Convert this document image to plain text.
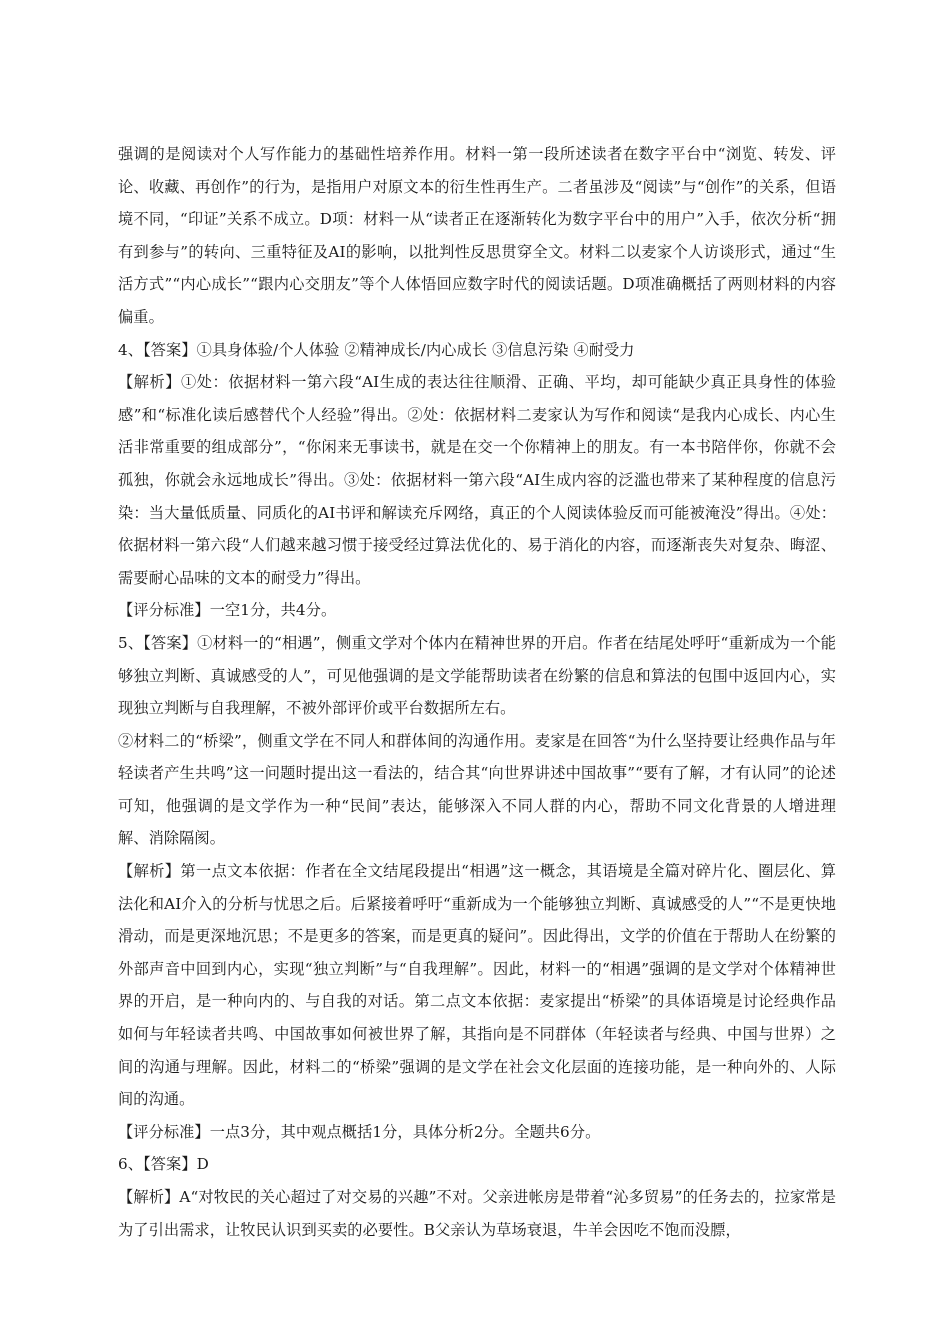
强调的是阅读对个人写作能力的基础性培养作用。材料一第一段所述读者在数字平台中“浏览、转发、评论、收藏、再创作”的行为，是指用户对原文本的衍生性再生产。二者虽涉及“阅读”与“创作”的关系，但语境不同，“印证”关系不成立。D项：材料一从“读者正在逐渐转化为数字平台中的用户”入手，依次分析“拥有到参与”的转向、三重特征及AI的影响，以批判性反思贯穿全文。材料二以麦家个人访谈形式，通过“生活方式”“内心成长”“跟内心交朋友”等个人体悟回应数字时代的阅读话题。D项准确概括了两则材料的内容偏重。

4、【答案】①具身体验/个人体验 ②精神成长/内心成长 ③信息污染 ④耐受力

【解析】①处：依据材料一第六段“AI生成的表达往往顺滑、正确、平均，却可能缺少真正具身性的体验感”和“标准化读后感替代个人经验”得出。②处：依据材料二麦家认为写作和阅读“是我内心成长、内心生活非常重要的组成部分”，“你闲来无事读书，就是在交一个你精神上的朋友。有一本书陪伴你，你就不会孤独，你就会永远地成长”得出。③处：依据材料一第六段“AI生成内容的泛滥也带来了某种程度的信息污染：当大量低质量、同质化的AI书评和解读充斥网络，真正的个人阅读体验反而可能被淹没”得出。④处：依据材料一第六段“人们越来越习惯于接受经过算法优化的、易于消化的内容，而逐渐丧失对复杂、晦涩、需要耐心品味的文本的耐受力”得出。

【评分标准】一空1分，共4分。

5、【答案】①材料一的“相遇”，侧重文学对个体内在精神世界的开启。作者在结尾处呼吁“重新成为一个能够独立判断、真诚感受的人”，可见他强调的是文学能帮助读者在纷繁的信息和算法的包围中返回内心，实现独立判断与自我理解，不被外部评价或平台数据所左右。

②材料二的“桥梁”，侧重文学在不同人和群体间的沟通作用。麦家是在回答“为什么坚持要让经典作品与年轻读者产生共鸣”这一问题时提出这一看法的，结合其“向世界讲述中国故事”“要有了解，才有认同”的论述可知，他强调的是文学作为一种“民间”表达，能够深入不同人群的内心，帮助不同文化背景的人增进理解、消除隔阂。

【解析】第一点文本依据：作者在全文结尾段提出“相遇”这一概念，其语境是全篇对碎片化、圈层化、算法化和AI介入的分析与忧思之后。后紧接着呼吁“重新成为一个能够独立判断、真诚感受的人”“不是更快地滑动，而是更深地沉思；不是更多的答案，而是更真的疑问”。因此得出，文学的价值在于帮助人在纷繁的外部声音中回到内心，实现“独立判断”与“自我理解”。因此，材料一的“相遇”强调的是文学对个体精神世界的开启，是一种向内的、与自我的对话。第二点文本依据：麦家提出“桥梁”的具体语境是讨论经典作品如何与年轻读者共鸣、中国故事如何被世界了解，其指向是不同群体（年轻读者与经典、中国与世界）之间的沟通与理解。因此，材料二的“桥梁”强调的是文学在社会文化层面的连接功能，是一种向外的、人际间的沟通。

【评分标准】一点3分，其中观点概括1分，具体分析2分。全题共6分。

6、【答案】D

【解析】A“对牧民的关心超过了对交易的兴趣”不对。父亲进帐房是带着“沁多贸易”的任务去的，拉家常是为了引出需求，让牧民认识到买卖的必要性。B父亲认为草场衰退，牛羊会因吃不饱而没膘，
